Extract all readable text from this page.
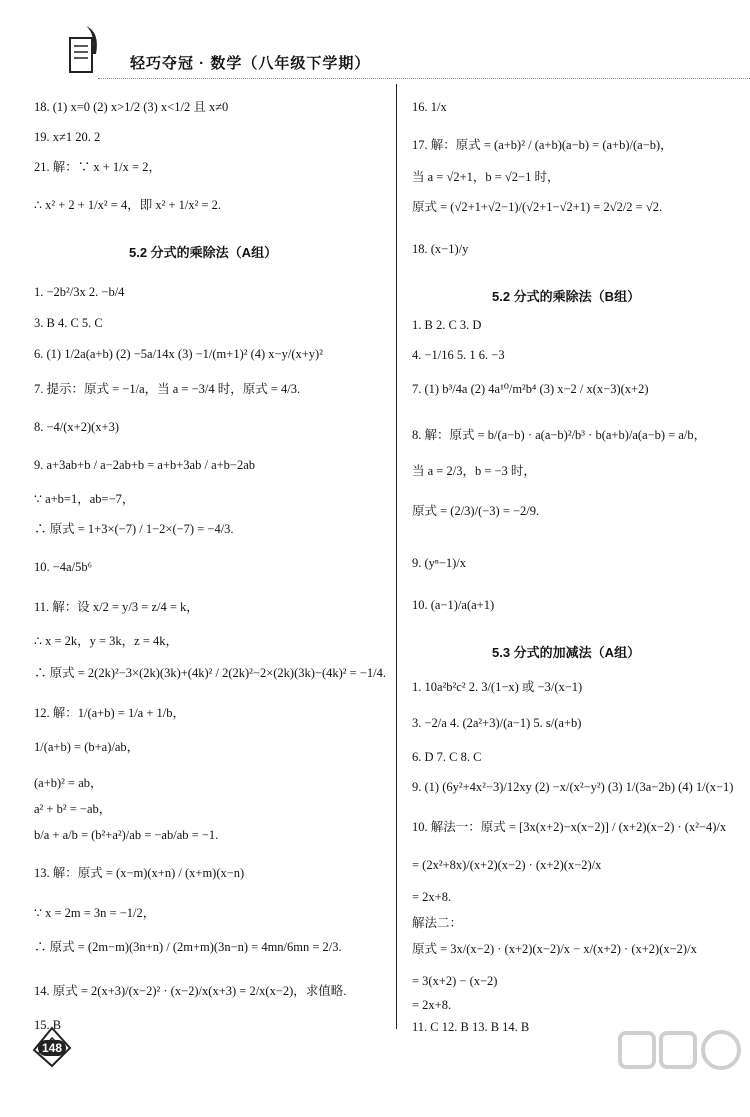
轻巧夺冠 · 数学（八年级下学期）
18. (1) x=0 (2) x>1/2 (3) x<1/2 且 x≠0
19. x≠1 20. 2
21. 解：∵ x + 1/x = 2，
∴ x² + 2 + 1/x² = 4，即 x² + 1/x² = 2.
1. −2b²/3x 2. −b/4
3. B 4. C 5. C
6. (1) 1/2a(a+b) (2) −5a/14x (3) −1/(m+1)² (4) x−y/(x+y)²
7. 提示：原式 = −1/a，当 a = −3/4 时，原式 = 4/3.
8. −4/(x+2)(x+3)
9. a+3ab+b / a−2ab+b = a+b+3ab / a+b−2ab
∵ a+b=1，ab=−7，
∴ 原式 = 1+3×(−7) / 1−2×(−7) = −4/3.
10. −4a/5b⁶
11. 解：设 x/2 = y/3 = z/4 = k，
∴ x = 2k，y = 3k，z = 4k，
∴ 原式 = 2(2k)²−3×(2k)(3k)+(4k)² / 2(2k)²−2×(2k)(3k)−(4k)² = −1/4.
12. 解：1/(a+b) = 1/a + 1/b，
1/(a+b) = (b+a)/ab，
(a+b)² = ab，
a² + b² = −ab，
b/a + a/b = (b²+a²)/ab = −ab/ab = −1.
13. 解：原式 = (x−m)(x+n) / (x+m)(x−n)
∵ x = 2m = 3n = −1/2，
∴ 原式 = (2m−m)(3n+n) / (2m+m)(3n−n) = 4mn/6mn = 2/3.
14. 原式 = 2(x+3)/(x−2)² · (x−2)/x(x+3) = 2/x(x−2)，求值略.
15. B
5.2 分式的乘除法（A组）
16. 1/x
17. 解：原式 = (a+b)² / (a+b)(a−b) = (a+b)/(a−b)，
当 a = √2+1，b = √2−1 时，
原式 = (√2+1+√2−1)/(√2+1−√2+1) = 2√2/2 = √2.
18. (x−1)/y
1. B 2. C 3. D
4. −1/16 5. 1 6. −3
7. (1) b³/4a (2) 4a¹⁰/m²b⁴ (3) x−2 / x(x−3)(x+2)
8. 解：原式 = b/(a−b) · a(a−b)²/b³ · b(a+b)/a(a−b) = a/b，
当 a = 2/3，b = −3 时，
原式 = (2/3)/(−3) = −2/9.
9. (yⁿ−1)/x
10. (a−1)/a(a+1)
1. 10a²b²c² 2. 3/(1−x) 或 −3/(x−1)
3. −2/a 4. (2a²+3)/(a−1) 5. s/(a+b)
6. D 7. C 8. C
9. (1) (6y²+4x²−3)/12xy (2) −x/(x²−y²) (3) 1/(3a−2b) (4) 1/(x−1)
10. 解法一：原式 = [3x(x+2)−x(x−2)] / (x+2)(x−2) · (x²−4)/x
= (2x²+8x)/(x+2)(x−2) · (x+2)(x−2)/x
= 2x+8.
解法二：
原式 = 3x/(x−2) · (x+2)(x−2)/x − x/(x+2) · (x+2)(x−2)/x
= 3(x+2) − (x−2)
= 2x+8.
11. C 12. B 13. B 14. B
5.2 分式的乘除法（B组）
5.3 分式的加减法（A组）
148
